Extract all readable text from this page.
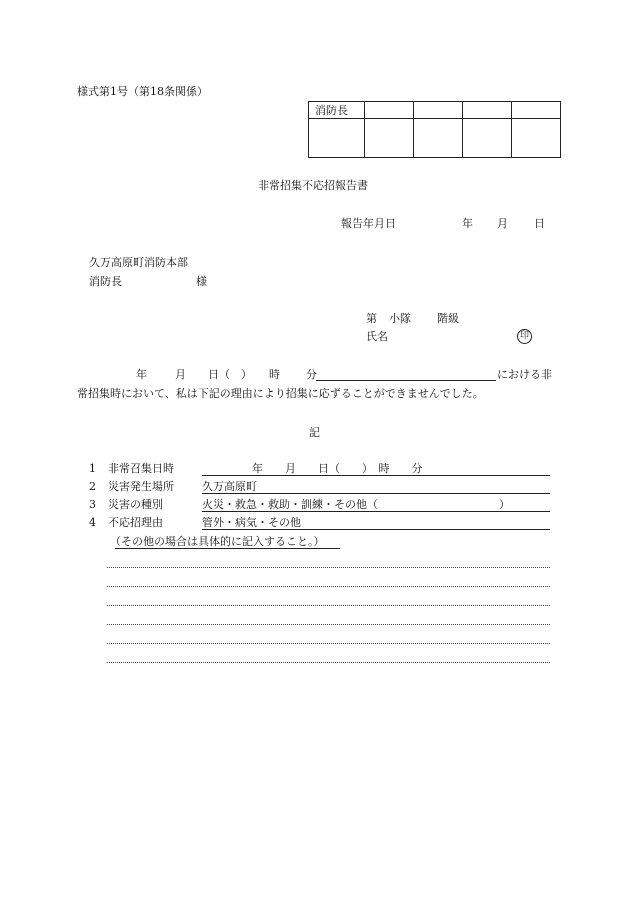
様式第1号（第18条関係）
消防長				

非常招集不応招報告書
報告年月日	年 月 日
久万高原町消防本部
消防長	様
第 小隊 階級
氏名	印
年	月 日（　） 時 分	における非
常招集時において、私は下記の理由により招集に応ずることができませんでした。
記
1 非常召集日時	年　　月　　日（　　）　時　　分
2 災害発生場所	久万高原町
3 災害の種別	火災・救急・救助・訓練・その他（　　　　　　　　　　　）
4 不応招理由	管外・病気・その他
（その他の場合は具体的に記入すること。）
